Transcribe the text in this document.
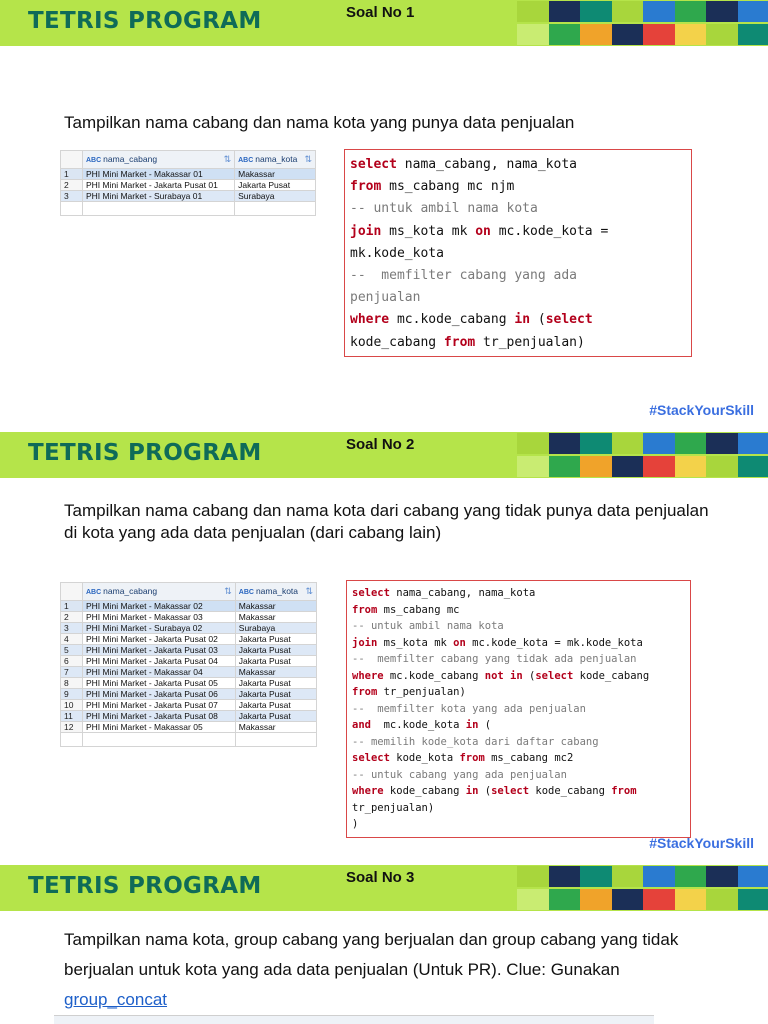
TETRIS PROGRAM	Soal No 1
Tampilkan nama cabang dan nama kota yang punya data penjualan
	ABC nama_cabang ⇅	ABC nama_kota ⇅

1	PHI Mini Market - Makassar 01	Makassar
2	PHI Mini Market - Jakarta Pusat 01	Jakarta Pusat
3	PHI Mini Market - Surabaya 01	Surabaya

select nama_cabang, nama_kota
from ms_cabang mc njm
-- untuk ambil nama kota
join ms_kota mk on mc.kode_kota =
mk.kode_kota
--  memfilter cabang yang ada
penjualan
where mc.kode_cabang in (select
kode_cabang from tr_penjualan)
#StackYourSkill
TETRIS PROGRAM	Soal No 2
Tampilkan nama cabang dan nama kota dari cabang yang tidak punya data penjualan di kota yang ada data penjualan (dari cabang lain)
	ABC nama_cabang ⇅	ABC nama_kota ⇅

1	PHI Mini Market - Makassar 02	Makassar
2	PHI Mini Market - Makassar 03	Makassar
3	PHI Mini Market - Surabaya 02	Surabaya
4	PHI Mini Market - Jakarta Pusat 02	Jakarta Pusat
5	PHI Mini Market - Jakarta Pusat 03	Jakarta Pusat
6	PHI Mini Market - Jakarta Pusat 04	Jakarta Pusat
7	PHI Mini Market - Makassar 04	Makassar
8	PHI Mini Market - Jakarta Pusat 05	Jakarta Pusat
9	PHI Mini Market - Jakarta Pusat 06	Jakarta Pusat
10	PHI Mini Market - Jakarta Pusat 07	Jakarta Pusat
11	PHI Mini Market - Jakarta Pusat 08	Jakarta Pusat
12	PHI Mini Market - Makassar 05	Makassar

select nama_cabang, nama_kota
from ms_cabang mc
-- untuk ambil nama kota
join ms_kota mk on mc.kode_kota = mk.kode_kota
--  memfilter cabang yang tidak ada penjualan
where mc.kode_cabang not in (select kode_cabang
from tr_penjualan)
--  memfilter kota yang ada penjualan
and  mc.kode_kota in (
-- memilih kode_kota dari daftar cabang
select kode_kota from ms_cabang mc2
-- untuk cabang yang ada penjualan
where kode_cabang in (select kode_cabang from
tr_penjualan)
)
#StackYourSkill
TETRIS PROGRAM	Soal No 3
Tampilkan nama kota, group cabang yang berjualan dan group cabang yang tidak berjualan untuk kota yang ada data penjualan (Untuk PR). Clue: Gunakan group_concat
